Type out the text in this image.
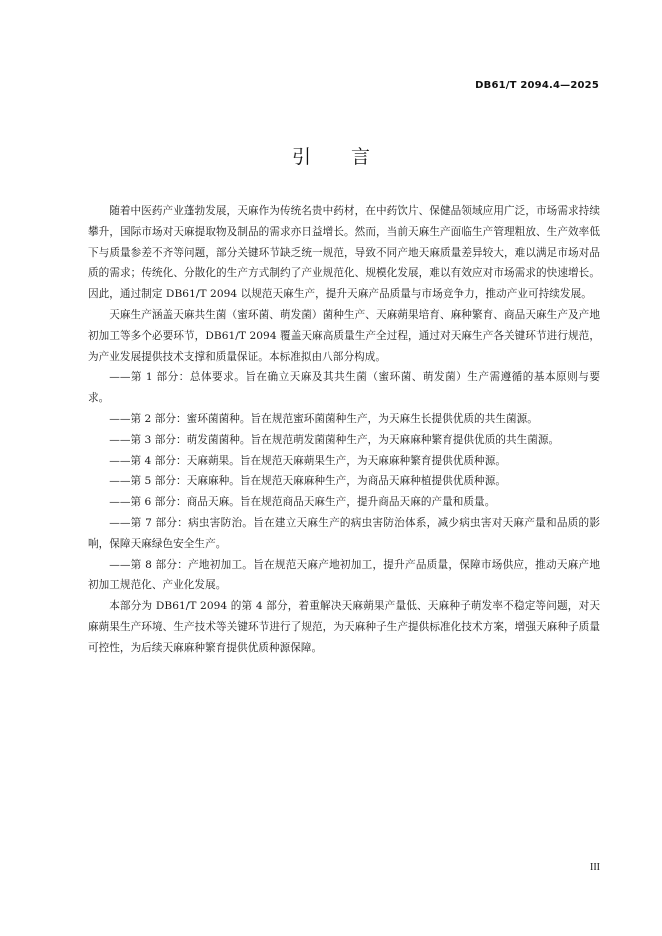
DB61/T 2094.4—2025
引 言

随着中医药产业蓬勃发展，天麻作为传统名贵中药材，在中药饮片、保健品领域应用广泛，市场需求持续攀升，国际市场对天麻提取物及制品的需求亦日益增长。然而，当前天麻生产面临生产管理粗放、生产效率低下与质量参差不齐等问题，部分关键环节缺乏统一规范，导致不同产地天麻质量差异较大，难以满足市场对品质的需求；传统化、分散化的生产方式制约了产业规范化、规模化发展，难以有效应对市场需求的快速增长。因此，通过制定 DB61/T 2094 以规范天麻生产，提升天麻产品质量与市场竞争力，推动产业可持续发展。

天麻生产涵盖天麻共生菌（蜜环菌、萌发菌）菌种生产、天麻蒴果培育、麻种繁育、商品天麻生产及产地初加工等多个必要环节，DB61/T 2094 覆盖天麻高质量生产全过程，通过对天麻生产各关键环节进行规范，为产业发展提供技术支撑和质量保证。本标准拟由八部分构成。

——第 1 部分：总体要求。旨在确立天麻及其共生菌（蜜环菌、萌发菌）生产需遵循的基本原则与要求。

——第 2 部分：蜜环菌菌种。旨在规范蜜环菌菌种生产，为天麻生长提供优质的共生菌源。

——第 3 部分：萌发菌菌种。旨在规范萌发菌菌种生产，为天麻麻种繁育提供优质的共生菌源。

——第 4 部分：天麻蒴果。旨在规范天麻蒴果生产，为天麻麻种繁育提供优质种源。

——第 5 部分：天麻麻种。旨在规范天麻麻种生产，为商品天麻种植提供优质种源。

——第 6 部分：商品天麻。旨在规范商品天麻生产，提升商品天麻的产量和质量。

——第 7 部分：病虫害防治。旨在建立天麻生产的病虫害防治体系，减少病虫害对天麻产量和品质的影响，保障天麻绿色安全生产。

——第 8 部分：产地初加工。旨在规范天麻产地初加工，提升产品质量，保障市场供应，推动天麻产地初加工规范化、产业化发展。

本部分为 DB61/T 2094 的第 4 部分，着重解决天麻蒴果产量低、天麻种子萌发率不稳定等问题，对天麻蒴果生产环境、生产技术等关键环节进行了规范，为天麻种子生产提供标准化技术方案，增强天麻种子质量可控性，为后续天麻麻种繁育提供优质种源保障。

III
